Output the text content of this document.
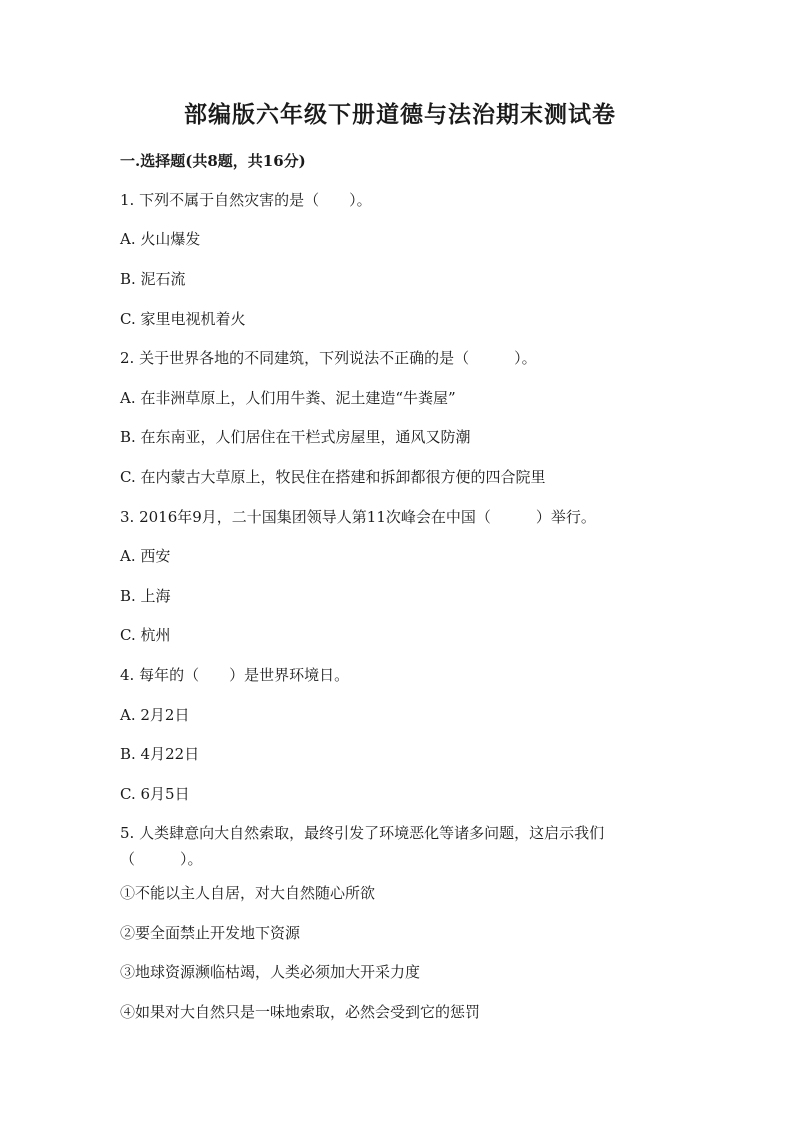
部编版六年级下册道德与法治期末测试卷
一.选择题(共8题，共16分)
1. 下列不属于自然灾害的是（　　）。
A. 火山爆发
B. 泥石流
C. 家里电视机着火
2. 关于世界各地的不同建筑，下列说法不正确的是（　　　）。
A. 在非洲草原上，人们用牛粪、泥土建造“牛粪屋”
B. 在东南亚，人们居住在干栏式房屋里，通风又防潮
C. 在内蒙古大草原上，牧民住在搭建和拆卸都很方便的四合院里
3. 2016年9月，二十国集团领导人第11次峰会在中国（　　　）举行。
A. 西安
B. 上海
C. 杭州
4. 每年的（　　）是世界环境日。
A. 2月2日
B. 4月22日
C. 6月5日
5. 人类肆意向大自然索取，最终引发了环境恶化等诸多问题，这启示我们（　　　）。
①不能以主人自居，对大自然随心所欲
②要全面禁止开发地下资源
③地球资源濒临枯竭，人类必须加大开采力度
④如果对大自然只是一味地索取，必然会受到它的惩罚
